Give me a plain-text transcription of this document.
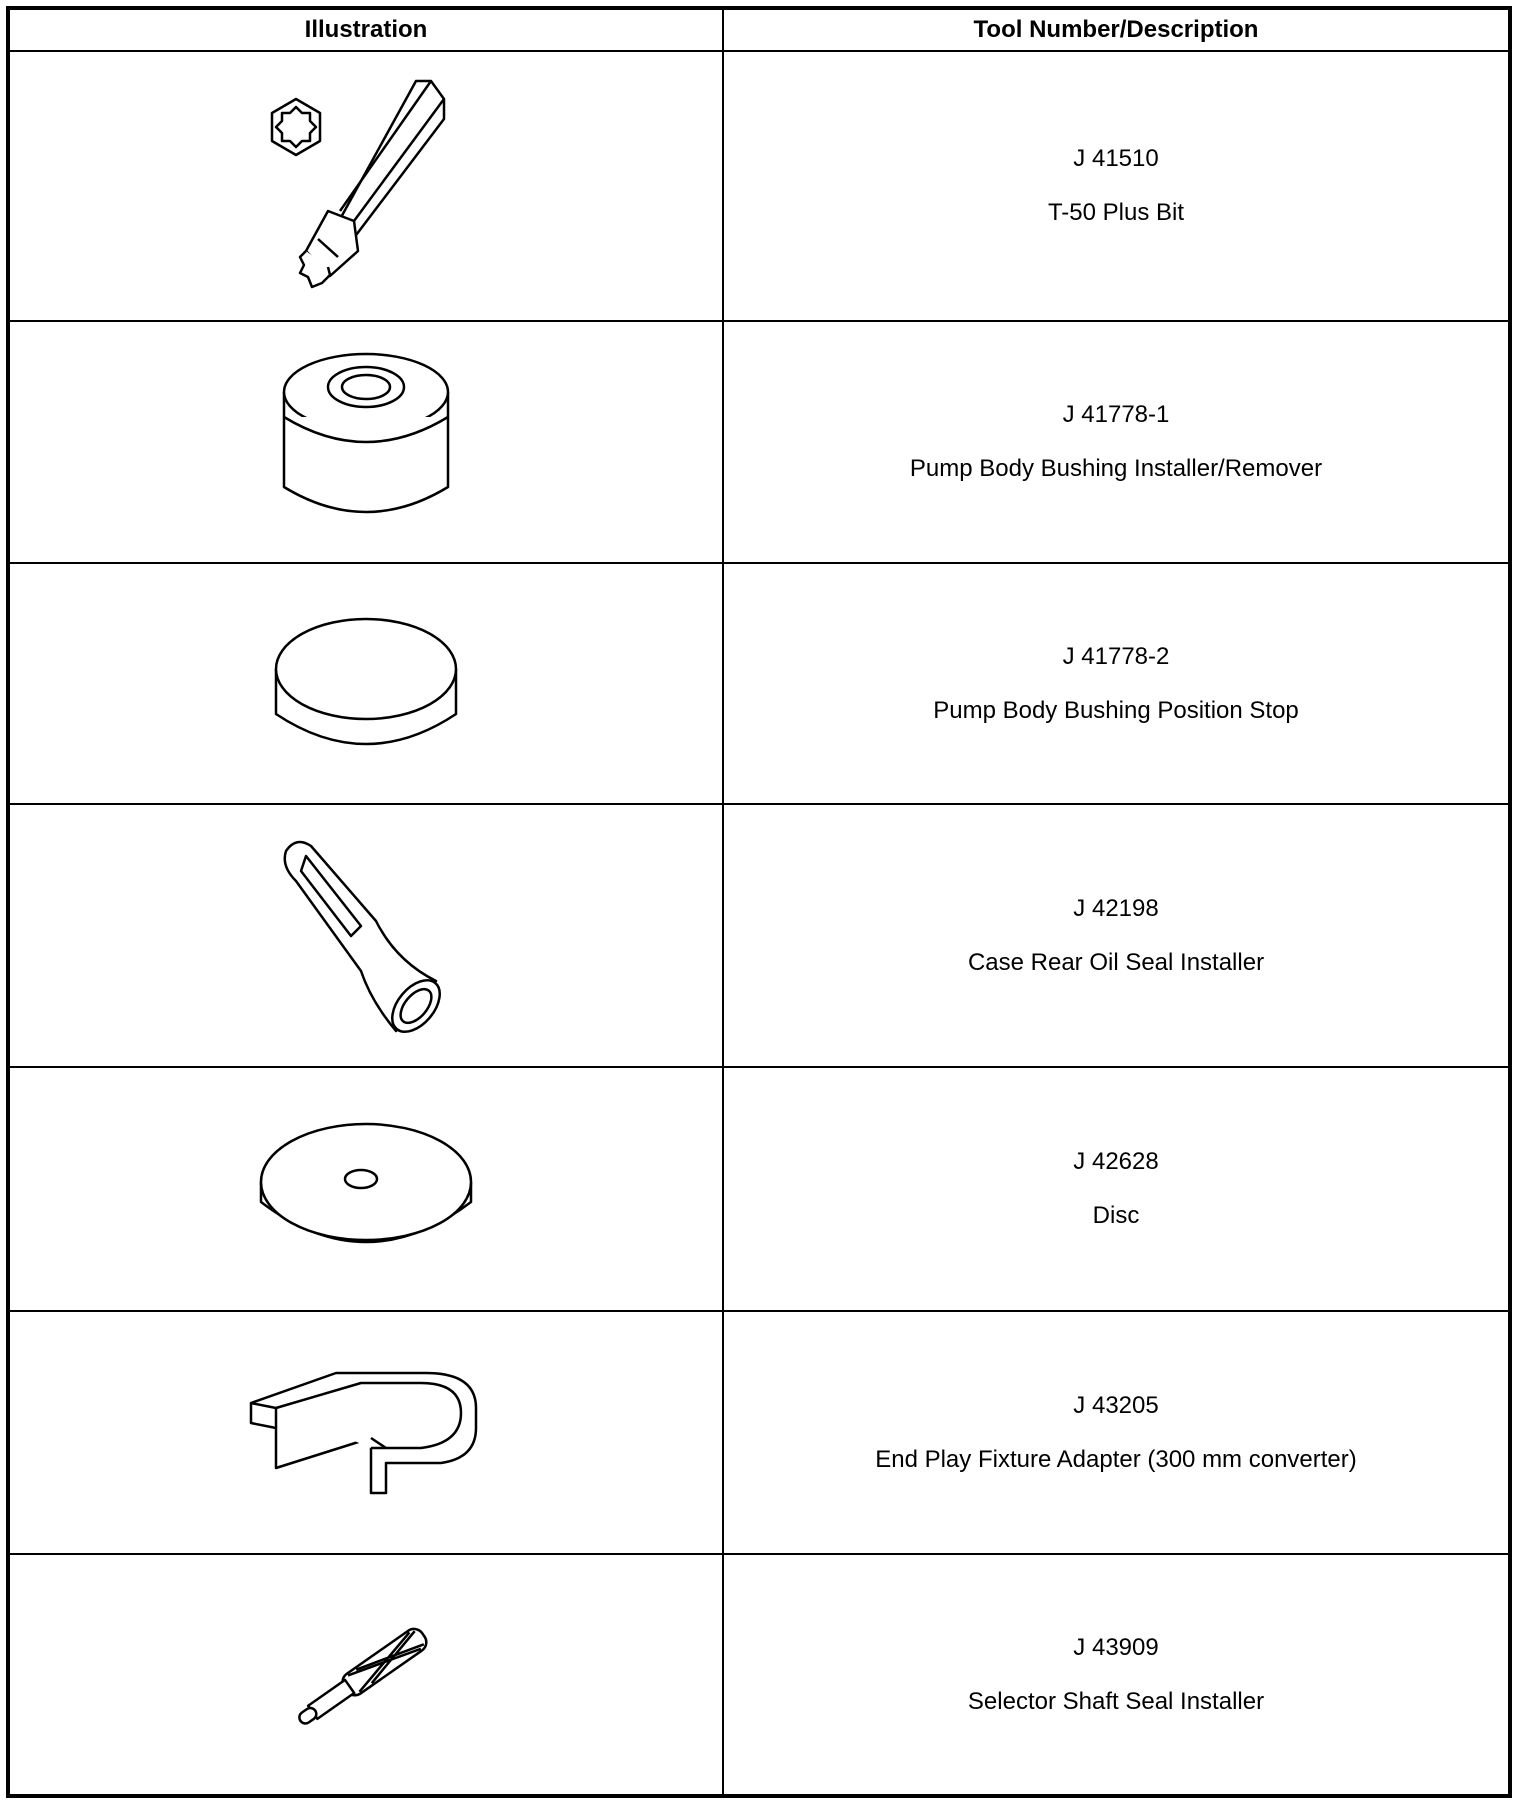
Illustration	Tool Number/Description

J 41510
T-50 Plus Bit

J 41778-1
Pump Body Bushing Installer/Remover

J 41778-2
Pump Body Bushing Position Stop

J 42198
Case Rear Oil Seal Installer

J 42628
Disc

J 43205
End Play Fixture Adapter (300 mm converter)

J 43909
Selector Shaft Seal Installer
